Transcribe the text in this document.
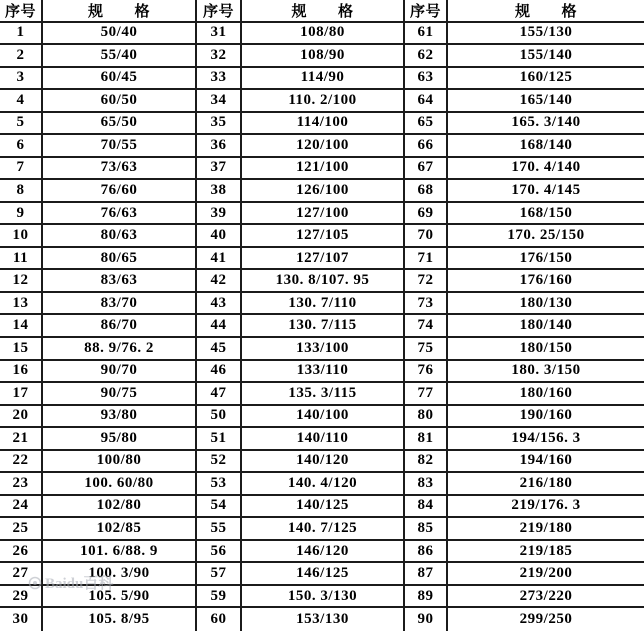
序号	规　　格	序号	规　　格	序号	规　　格
1	50/40	31	108/80	61	155/130
2	55/40	32	108/90	62	155/140
3	60/45	33	114/90	63	160/125
4	60/50	34	110. 2/100	64	165/140
5	65/50	35	114/100	65	165. 3/140
6	70/55	36	120/100	66	168/140
7	73/63	37	121/100	67	170. 4/140
8	76/60	38	126/100	68	170. 4/145
9	76/63	39	127/100	69	168/150
10	80/63	40	127/105	70	170. 25/150
11	80/65	41	127/107	71	176/150
12	83/63	42	130. 8/107. 95	72	176/160
13	83/70	43	130. 7/110	73	180/130
14	86/70	44	130. 7/115	74	180/140
15	88. 9/76. 2	45	133/100	75	180/150
16	90/70	46	133/110	76	180. 3/150
17	90/75	47	135. 3/115	77	180/160
20	93/80	50	140/100	80	190/160
21	95/80	51	140/110	81	194/156. 3
22	100/80	52	140/120	82	194/160
23	100. 60/80	53	140. 4/120	83	216/180
24	102/80	54	140/125	84	219/176. 3
25	102/85	55	140. 7/125	85	219/180
26	101. 6/88. 9	56	146/120	86	219/185
27	100. 3/90	57	146/125	87	219/200
29	105. 5/90	59	150. 3/130	89	273/220
30	105. 8/95	60	153/130	90	299/250
Baidu百科
